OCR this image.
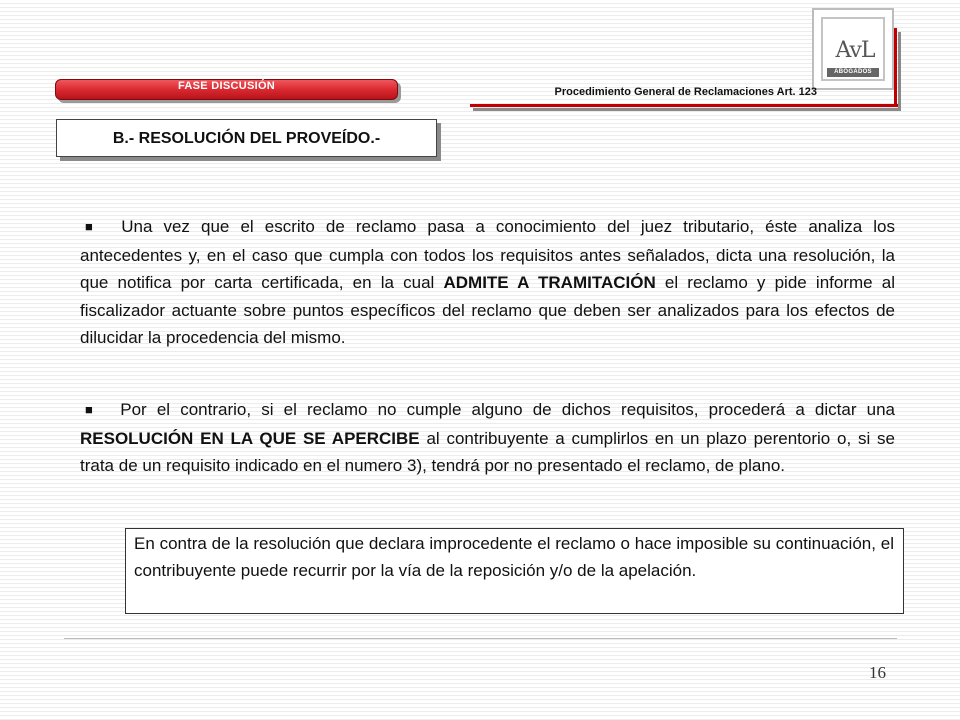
AvL
ABOGADOS
FASE DISCUSIÓN	Procedimiento General de Reclamaciones Art. 123
B.- RESOLUCIÓN DEL PROVEÍDO.-

■ Una vez que el escrito de reclamo pasa a conocimiento del juez tributario, éste analiza los antecedentes y, en el caso que cumpla con todos los requisitos antes señalados, dicta una resolución, la que notifica por carta certificada, en la cual ADMITE A TRAMITACIÓN el reclamo y pide informe al fiscalizador actuante sobre puntos específicos del reclamo que deben ser analizados para los efectos de dilucidar la procedencia del mismo.

■ Por el contrario, si el reclamo no cumple alguno de dichos requisitos, procederá a dictar una RESOLUCIÓN EN LA QUE SE APERCIBE al contribuyente a cumplirlos en un plazo perentorio o, si se trata de un requisito indicado en el numero 3), tendrá por no presentado el reclamo, de plano.

En contra de la resolución que declara improcedente el reclamo o hace imposible su continuación, el contribuyente puede recurrir por la vía de la reposición y/o de la apelación.

16
